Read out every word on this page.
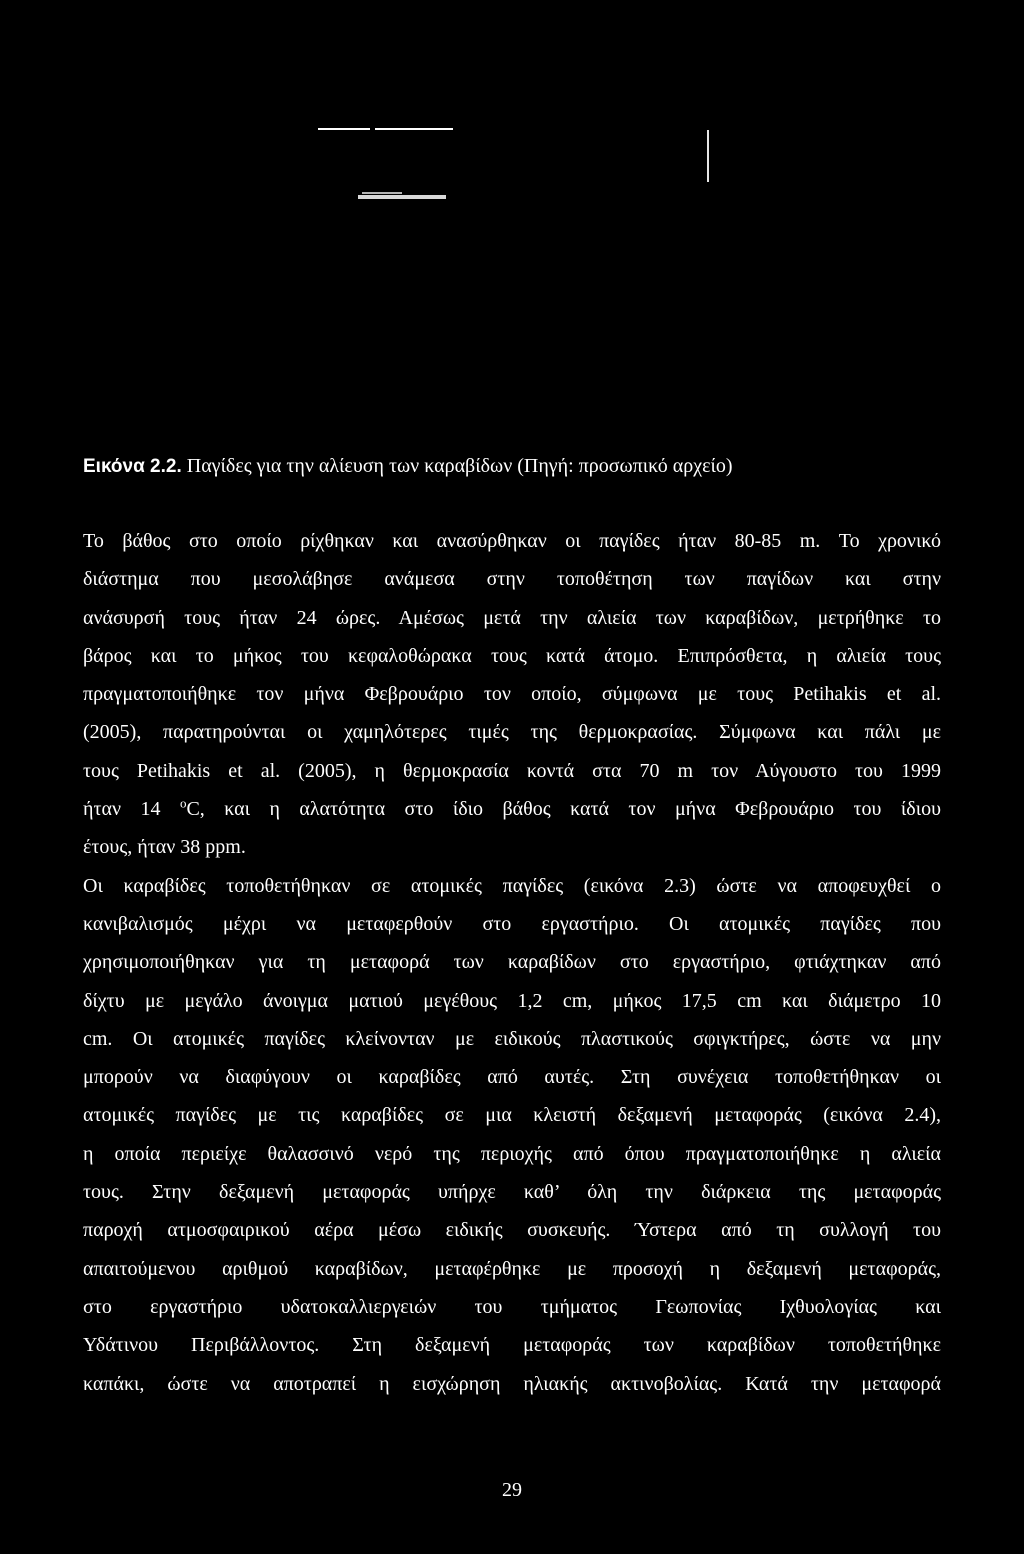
Εικόνα 2.2. Παγίδες για την αλίευση των καραβίδων (Πηγή: προσωπικό αρχείο)
Το βάθος στο οποίο ρίχθηκαν και ανασύρθηκαν οι παγίδες ήταν 80-85 m. Το χρονικό
διάστημα που μεσολάβησε ανάμεσα στην τοποθέτηση των παγίδων και στην
ανάσυρσή τους ήταν 24 ώρες. Αμέσως μετά την αλιεία των καραβίδων, μετρήθηκε το
βάρος και το μήκος του κεφαλοθώρακα τους κατά άτομο. Επιπρόσθετα, η αλιεία τους
πραγματοποιήθηκε τον μήνα Φεβρουάριο τον οποίο, σύμφωνα με τους Petihakis et al.
(2005), παρατηρούνται οι χαμηλότερες τιμές της θερμοκρασίας. Σύμφωνα και πάλι με
τους Petihakis et al. (2005), η θερμοκρασία κοντά στα 70 m τον Αύγουστο του 1999
ήταν 14 $^o$C, και η αλατότητα στο ίδιο βάθος κατά τον μήνα Φεβρουάριο του ίδιου
έτους, ήταν 38 ppm.
Οι καραβίδες τοποθετήθηκαν σε ατομικές παγίδες (εικόνα 2.3) ώστε να αποφευχθεί ο
κανιβαλισμός μέχρι να μεταφερθούν στο εργαστήριο. Οι ατομικές παγίδες που
χρησιμοποιήθηκαν για τη μεταφορά των καραβίδων στο εργαστήριο, φτιάχτηκαν από
δίχτυ με μεγάλο άνοιγμα ματιού μεγέθους 1,2 cm, μήκος 17,5 cm και διάμετρο 10
cm. Οι ατομικές παγίδες κλείνονταν με ειδικούς πλαστικούς σφιγκτήρες, ώστε να μην
μπορούν να διαφύγουν οι καραβίδες από αυτές. Στη συνέχεια τοποθετήθηκαν οι
ατομικές παγίδες με τις καραβίδες σε μια κλειστή δεξαμενή μεταφοράς (εικόνα 2.4),
η οποία περιείχε θαλασσινό νερό της περιοχής από όπου πραγματοποιήθηκε η αλιεία
τους. Στην δεξαμενή μεταφοράς υπήρχε καθ’ όλη την διάρκεια της μεταφοράς
παροχή ατμοσφαιρικού αέρα μέσω ειδικής συσκευής. Ύστερα από τη συλλογή του
απαιτούμενου αριθμού καραβίδων, μεταφέρθηκε με προσοχή η δεξαμενή μεταφοράς,
στο εργαστήριο υδατοκαλλιεργειών του τμήματος Γεωπονίας Ιχθυολογίας και
Υδάτινου Περιβάλλοντος. Στη δεξαμενή μεταφοράς των καραβίδων τοποθετήθηκε
καπάκι, ώστε να αποτραπεί η εισχώρηση ηλιακής ακτινοβολίας. Κατά την μεταφορά
29
